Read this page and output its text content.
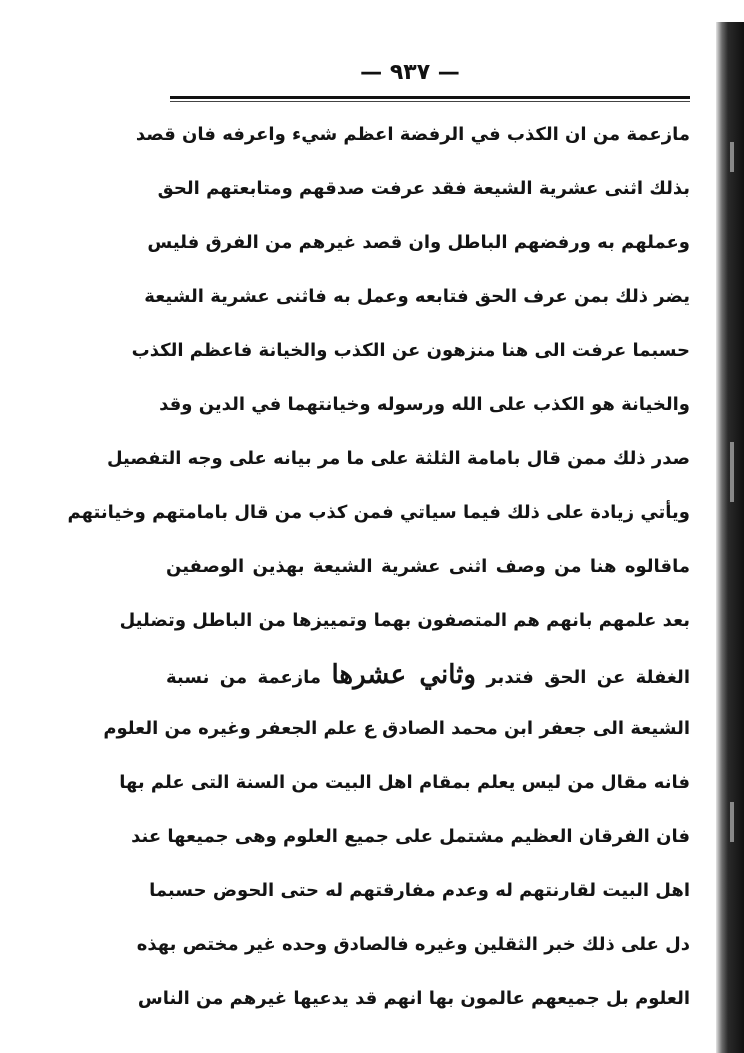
— ٩٣٧ —
مازعمة من ان الكذب في الرفضة اعظم شيء واعرفه فان قصد
بذلك اثنى عشرية الشيعة فقد عرفت صدقهم ومتابعتهم الحق
وعملهم به ورفضهم الباطل وان قصد غيرهم من الفرق فليس
يضر ذلك بمن عرف الحق فتابعه وعمل به فاثنى عشرية الشيعة
حسبما عرفت الى هنا منزهون عن الكذب والخيانة فاعظم الكذب
والخيانة هو الكذب على الله ورسوله وخيانتهما في الدين وقد
صدر ذلك ممن قال بامامة الثلثة على ما مر بيانه على وجه التفصيل
ويأتي زيادة على ذلك فيما سياتي فمن كذب من قال بامامتهم وخيانتهم
ماقالوه هنا من وصف اثنى عشرية الشيعة بهذين الوصفين
بعد علمهم بانهم هم المتصفون بهما وتمييزها من الباطل وتضليل
الغفلة عن الحق فتدبر وثاني عشرها مازعمة من نسبة
الشيعة الى جعفر ابن محمد الصادق ع علم الجعفر وغيره من العلوم
فانه مقال من ليس يعلم بمقام اهل البيت من السنة التى علم بها
فان الفرقان العظيم مشتمل على جميع العلوم وهى جميعها عند
اهل البيت لقارنتهم له وعدم مفارقتهم له حتى الحوض حسبما
دل على ذلك خبر الثقلين وغيره فالصادق وحده غير مختص بهذه
العلوم بل جميعهم عالمون بها انهم قد يدعيها غيرهم من الناس
